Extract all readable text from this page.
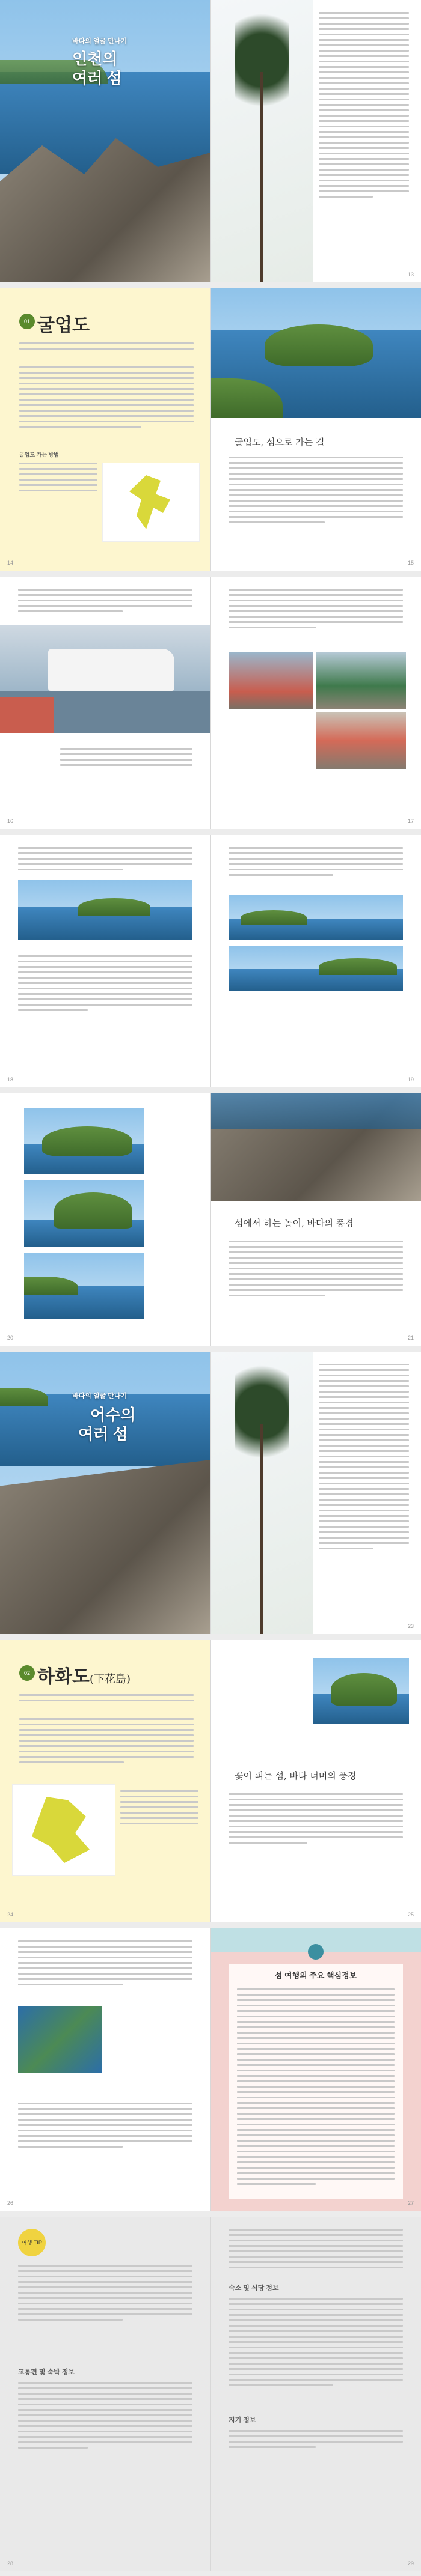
바다의 얼굴 만나기
인천의
여러 섬
13
01 굴업도
굴업도 가는 방법
14
굴업도, 섬으로 가는 길
15
16	17
18	19
20
섬에서 하는 놀이, 바다의 풍경
21
바다의 얼굴 만나기
어수의
여러 섬
23
02 하화도(下花島)
24
꽃이 피는 섬, 바다 너머의 풍경
25
26
섬 여행의 주요 핵심정보
27
여행 TIP
교통편 및 숙박 정보
28
숙소 및 식당 정보
지기 정보
29
